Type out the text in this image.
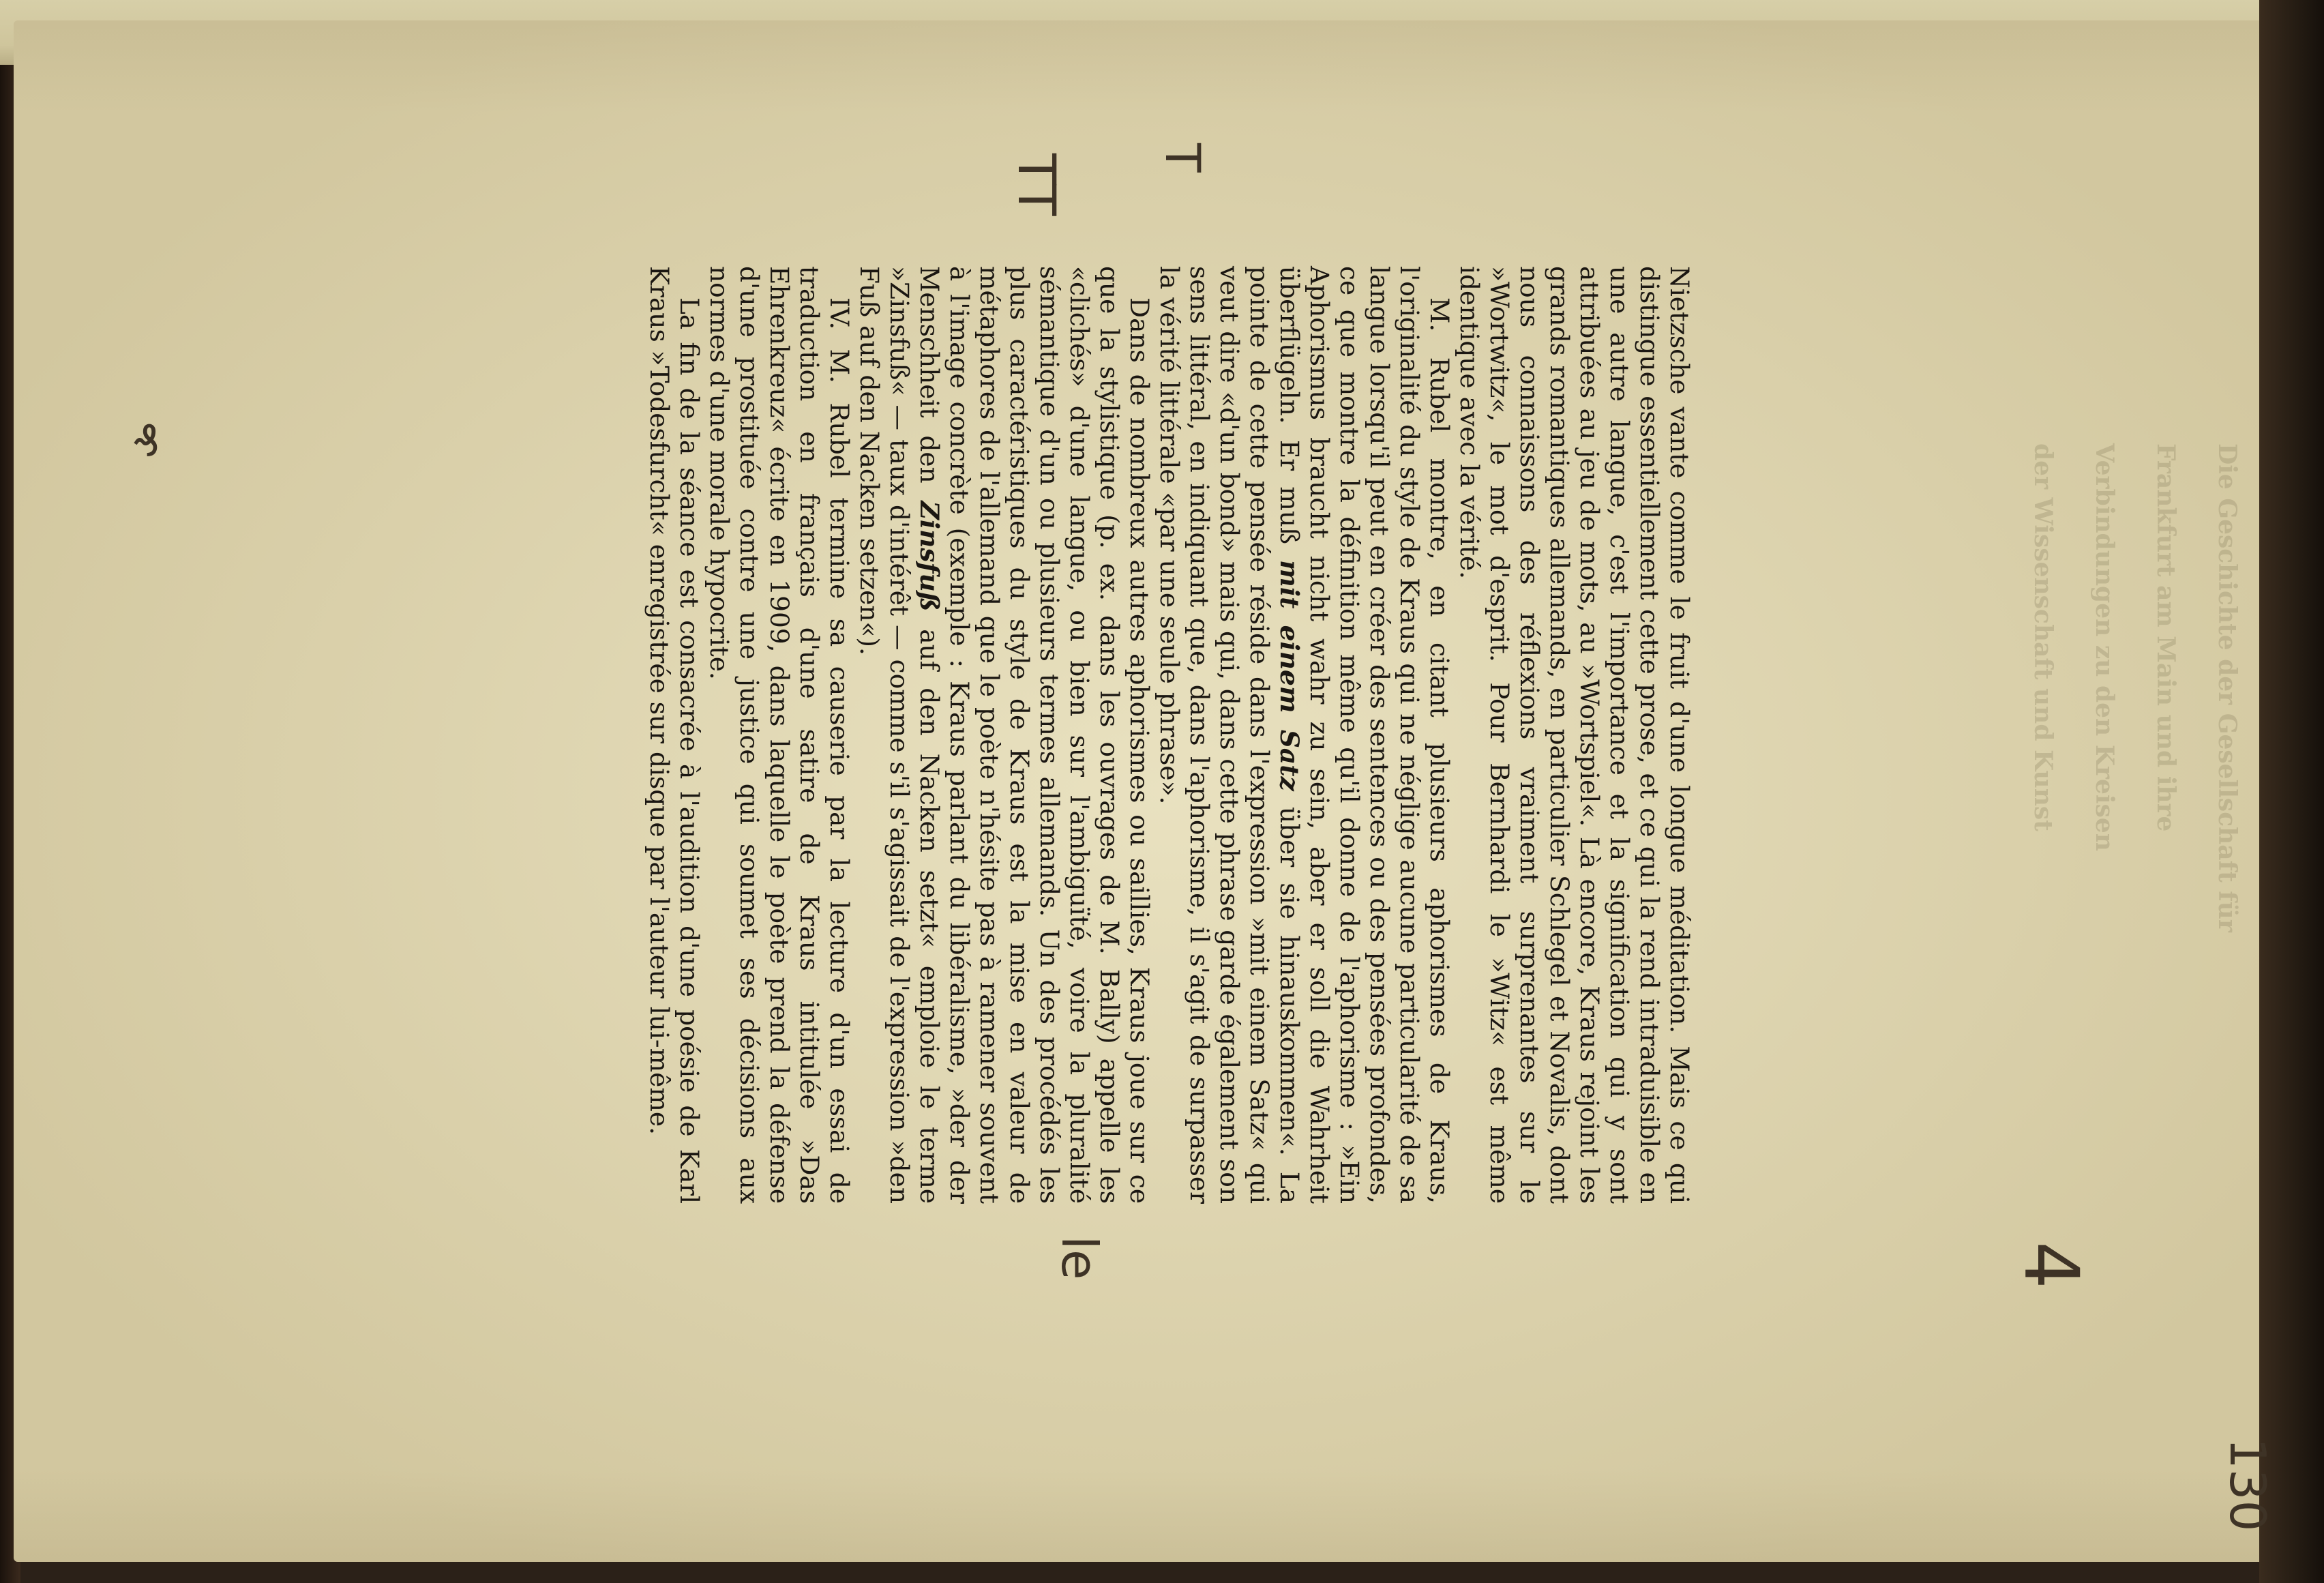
Die Geschichte der Gesellschaft für
Frankfurt am Main und ihre
Verbindungen zu den Kreisen
der Wissenschaft und Kunst

Nietzsche vante comme le fruit d'une longue méditation. Mais ce qui distingue essentiellement cette prose, et ce qui la rend intraduisible en une autre langue, c'est l'importance et la signification qui y sont attribuées au jeu de mots, au »Wortspiel«. Là encore, Kraus rejoint les grands romantiques allemands, en particulier Schlegel et Novalis, dont nous connaissons des réflexions vraiment surprenantes sur le »Wortwitz«, le mot d'esprit. Pour Bernhardi le »Witz« est même identique avec la vérité.

M. Rubel montre, en citant plusieurs aphorismes de Kraus, l'originalité du style de Kraus qui ne néglige aucune particularité de sa langue lorsqu'il peut en créer des sentences ou des pensées profondes, ce que montre la définition même qu'il donne de l'aphorisme : »Ein Aphorismus braucht nicht wahr zu sein, aber er soll die Wahrheit überflügeln. Er muß mit einem Satz über sie hinauskommen«. La pointe de cette pensée réside dans l'expression »mit einem Satz« qui veut dire «d'un bond» mais qui, dans cette phrase garde également son sens littéral, en indiquant que, dans l'aphorisme, il s'agit de surpasser la vérité littérale «par une seule phrase».

Dans de nombreux autres aphorismes ou saillies, Kraus joue sur ce que la stylistique (p. ex. dans les ouvrages de M. Bally) appelle les «clichés» d'une langue, ou bien sur l'ambiguïté, voire la pluralité sémantique d'un ou plusieurs termes allemands. Un des procédés les plus caractéristiques du style de Kraus est la mise en valeur de métaphores de l'allemand que le poète n'hésite pas à ramener souvent à l'image concrète (exemple : Kraus parlant du libéralisme, »der der Menschheit den Zinsfuß auf den Nacken setzt« emploie le terme »Zinsfuß« — taux d'intérêt — comme s'il s'agissait de l'expression »den Fuß auf den Nacken setzen«).

IV. M. Rubel termine sa causerie par la lecture d'un essai de traduction en français d'une satire de Kraus intitulée »Das Ehrenkreuz« écrite en 1909, dans laquelle le poète prend la défense d'une prostituée contre une justice qui soumet ses décisions aux normes d'une morale hypocrite.

La fin de la séance est consacrée à l'audition d'une poésie de Karl Kraus »Todesfurcht« enregistrée sur disque par l'auteur lui-même.

130
4
le
T
TT
₰
